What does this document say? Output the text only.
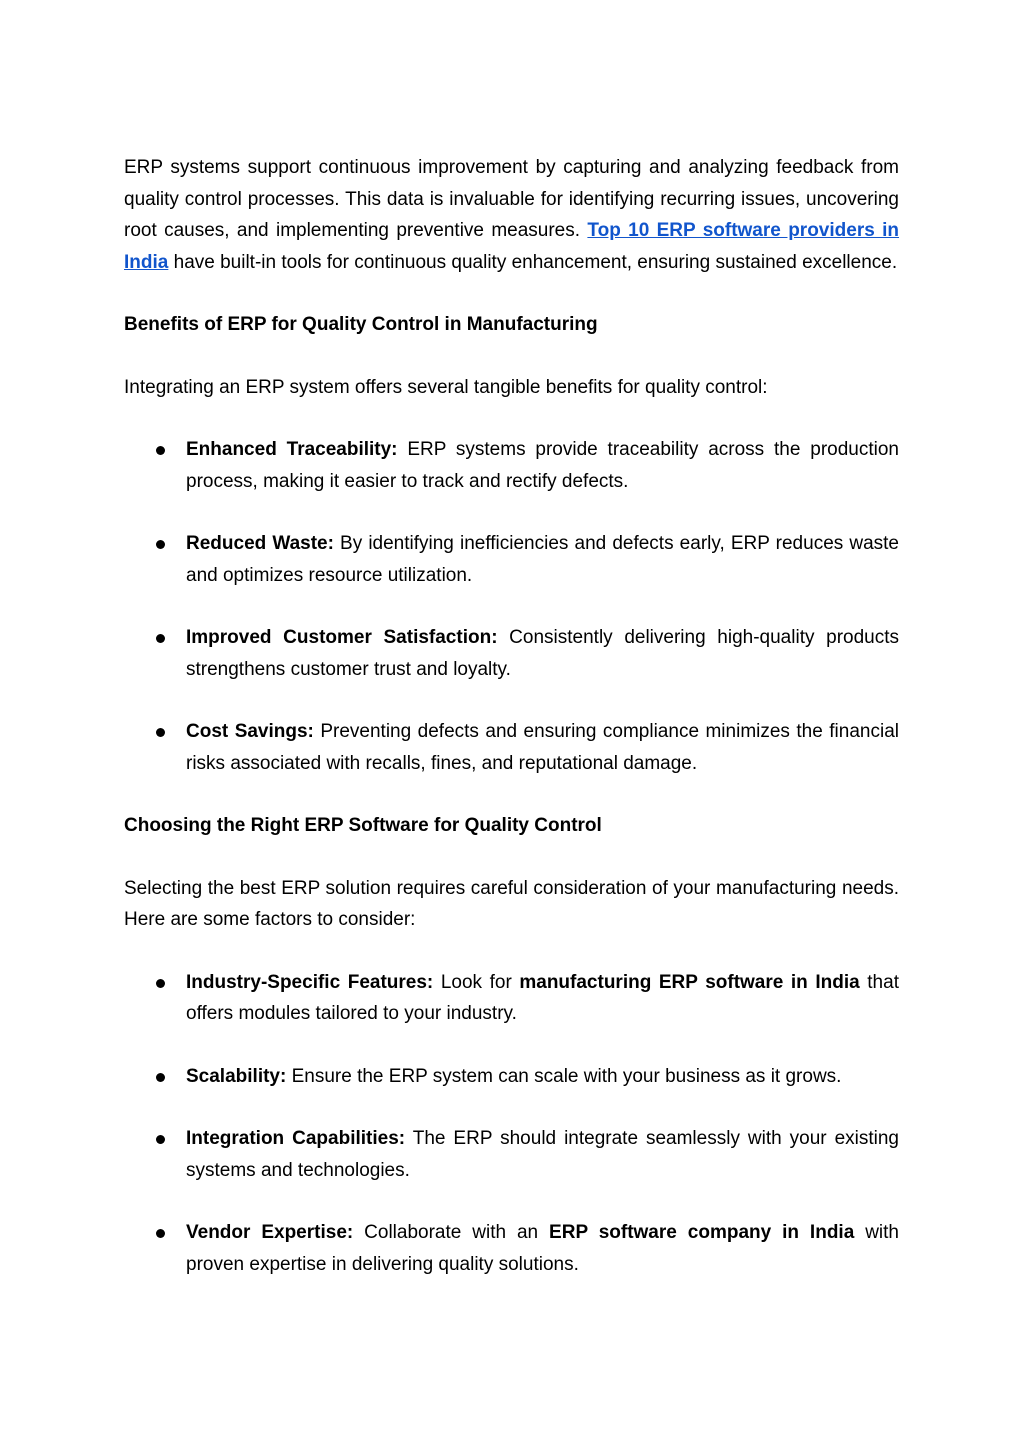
ERP systems support continuous improvement by capturing and analyzing feedback from quality control processes. This data is invaluable for identifying recurring issues, uncovering root causes, and implementing preventive measures. Top 10 ERP software providers in India have built-in tools for continuous quality enhancement, ensuring sustained excellence.

Benefits of ERP for Quality Control in Manufacturing

Integrating an ERP system offers several tangible benefits for quality control:

Enhanced Traceability: ERP systems provide traceability across the production process, making it easier to track and rectify defects.
Reduced Waste: By identifying inefficiencies and defects early, ERP reduces waste and optimizes resource utilization.
Improved Customer Satisfaction: Consistently delivering high-quality products strengthens customer trust and loyalty.
Cost Savings: Preventing defects and ensuring compliance minimizes the financial risks associated with recalls, fines, and reputational damage.

Choosing the Right ERP Software for Quality Control

Selecting the best ERP solution requires careful consideration of your manufacturing needs. Here are some factors to consider:

Industry-Specific Features: Look for manufacturing ERP software in India that offers modules tailored to your industry.
Scalability: Ensure the ERP system can scale with your business as it grows.
Integration Capabilities: The ERP should integrate seamlessly with your existing systems and technologies.
Vendor Expertise: Collaborate with an ERP software company in India with proven expertise in delivering quality solutions.
